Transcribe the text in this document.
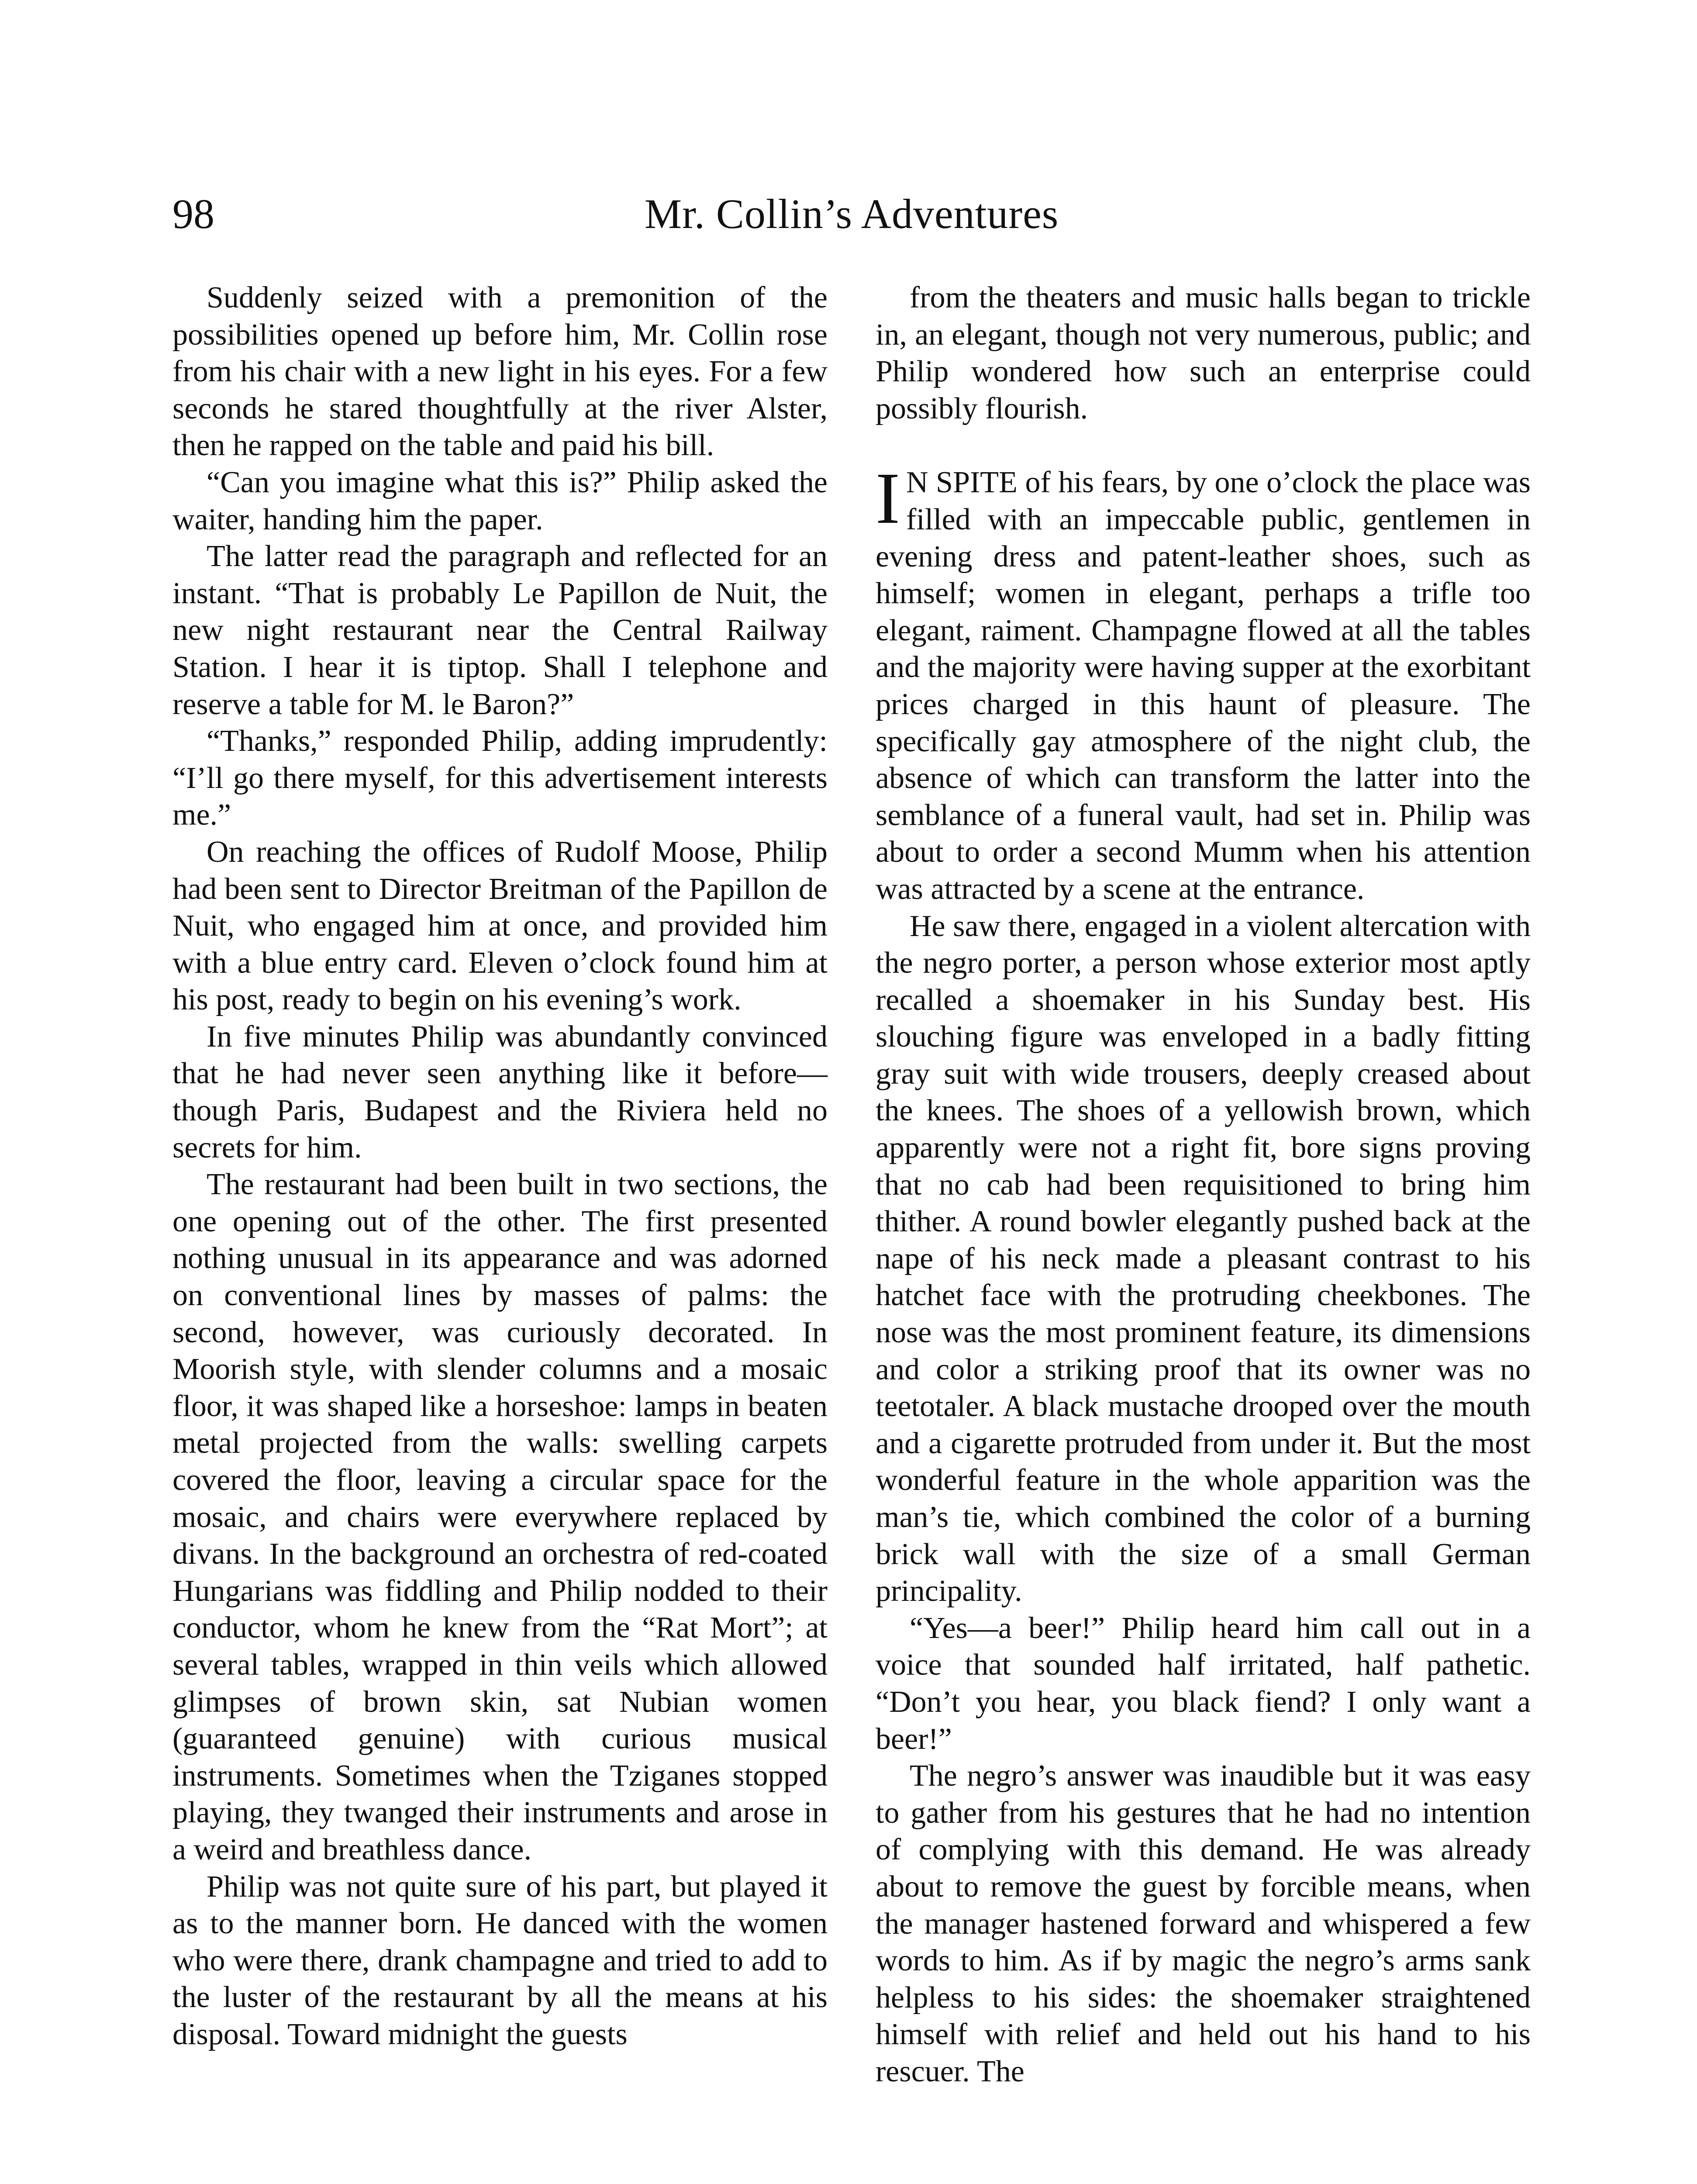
98	Mr. Collin’s Adventures

Suddenly seized with a premonition of the possibilities opened up before him, Mr. Collin rose from his chair with a new light in his eyes. For a few seconds he stared thoughtfully at the river Alster, then he rapped on the table and paid his bill.

“Can you imagine what this is?” Philip asked the waiter, handing him the paper.

The latter read the paragraph and reflected for an instant. “That is probably Le Papillon de Nuit, the new night restaurant near the Central Railway Station. I hear it is tiptop. Shall I telephone and reserve a table for M. le Baron?”

“Thanks,” responded Philip, adding imprudently: “I’ll go there myself, for this advertisement interests me.”

On reaching the offices of Rudolf Moose, Philip had been sent to Director Breitman of the Papillon de Nuit, who engaged him at once, and provided him with a blue entry card. Eleven o’clock found him at his post, ready to begin on his evening’s work.

In five minutes Philip was abundantly convinced that he had never seen anything like it before—though Paris, Budapest and the Riviera held no secrets for him.

The restaurant had been built in two sections, the one opening out of the other. The first presented nothing unusual in its appearance and was adorned on conventional lines by masses of palms: the second, however, was curiously decorated. In Moorish style, with slender columns and a mosaic floor, it was shaped like a horseshoe: lamps in beaten metal projected from the walls: swelling carpets covered the floor, leaving a circular space for the mosaic, and chairs were everywhere replaced by divans. In the background an orchestra of red-coated Hungarians was fiddling and Philip nodded to their conductor, whom he knew from the “Rat Mort”; at several tables, wrapped in thin veils which allowed glimpses of brown skin, sat Nubian women (guaranteed genuine) with curious musical instruments. Sometimes when the Tziganes stopped playing, they twanged their instruments and arose in a weird and breathless dance.

Philip was not quite sure of his part, but played it as to the manner born. He danced with the women who were there, drank champagne and tried to add to the luster of the restaurant by all the means at his disposal. Toward midnight the guests

from the theaters and music halls began to trickle in, an elegant, though not very numerous, public; and Philip wondered how such an enterprise could possibly flourish.

I N SPITE of his fears, by one o’clock the place was filled with an impeccable public, gentlemen in evening dress and patent-leather shoes, such as himself; women in elegant, perhaps a trifle too elegant, raiment. Champagne flowed at all the tables and the majority were having supper at the exorbitant prices charged in this haunt of pleasure. The specifically gay atmosphere of the night club, the absence of which can transform the latter into the semblance of a funeral vault, had set in. Philip was about to order a second Mumm when his attention was attracted by a scene at the entrance.

He saw there, engaged in a violent altercation with the negro porter, a person whose exterior most aptly recalled a shoemaker in his Sunday best. His slouching figure was enveloped in a badly fitting gray suit with wide trousers, deeply creased about the knees. The shoes of a yellowish brown, which apparently were not a right fit, bore signs proving that no cab had been requisitioned to bring him thither. A round bowler elegantly pushed back at the nape of his neck made a pleasant contrast to his hatchet face with the protruding cheekbones. The nose was the most prominent feature, its dimensions and color a striking proof that its owner was no teetotaler. A black mustache drooped over the mouth and a cigarette protruded from under it. But the most wonderful feature in the whole apparition was the man’s tie, which combined the color of a burning brick wall with the size of a small German principality.

“Yes—a beer!” Philip heard him call out in a voice that sounded half irritated, half pathetic. “Don’t you hear, you black fiend? I only want a beer!”

The negro’s answer was inaudible but it was easy to gather from his gestures that he had no intention of complying with this demand. He was already about to remove the guest by forcible means, when the manager hastened forward and whispered a few words to him. As if by magic the negro’s arms sank helpless to his sides: the shoemaker straightened himself with relief and held out his hand to his rescuer. The
